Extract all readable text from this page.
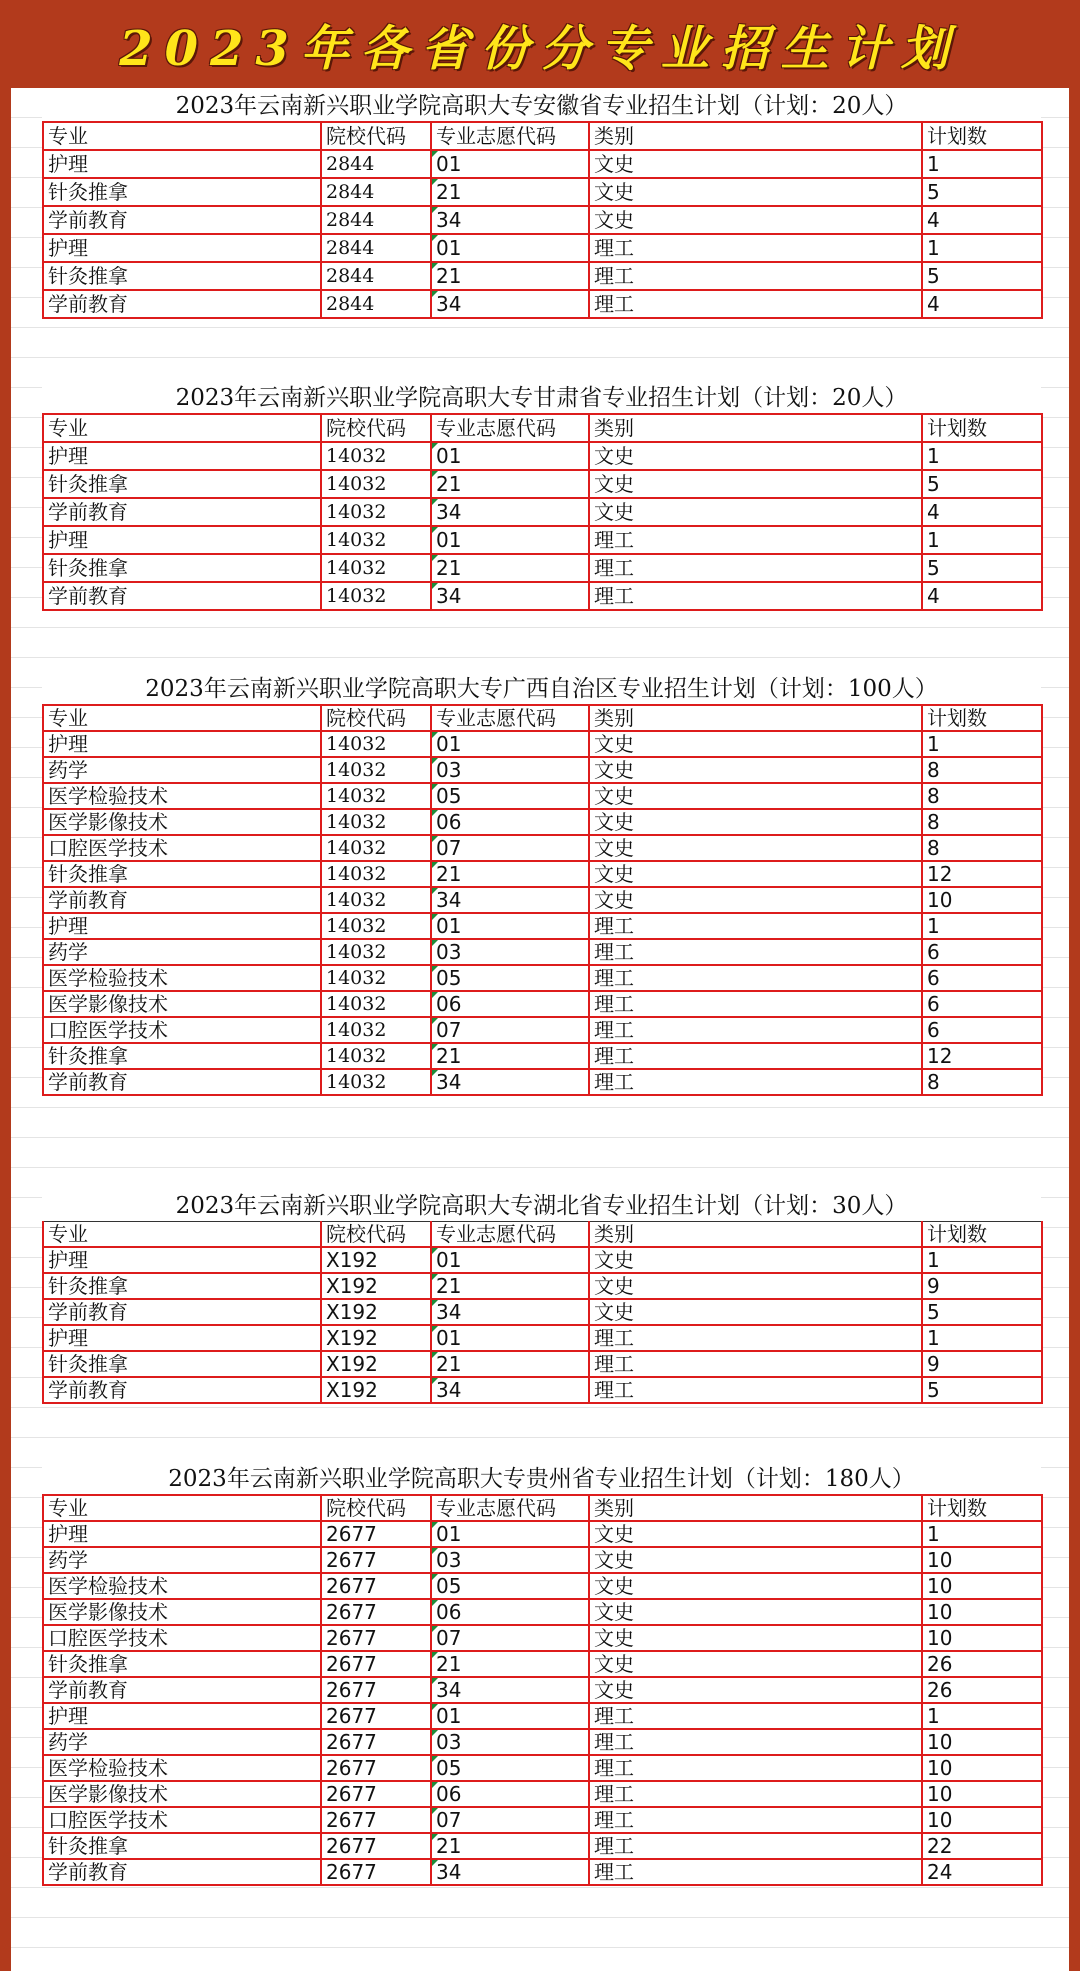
2023年各省份分专业招生计划
2023年云南新兴职业学院高职大专安徽省专业招生计划（计划：20人）
专业	院校代码	专业志愿代码	类别	计划数
护理	2844	01	文史	1
针灸推拿	2844	21	文史	5
学前教育	2844	34	文史	4
护理	2844	01	理工	1
针灸推拿	2844	21	理工	5
学前教育	2844	34	理工	4
2023年云南新兴职业学院高职大专甘肃省专业招生计划（计划：20人）
专业	院校代码	专业志愿代码	类别	计划数
护理	14032	01	文史	1
针灸推拿	14032	21	文史	5
学前教育	14032	34	文史	4
护理	14032	01	理工	1
针灸推拿	14032	21	理工	5
学前教育	14032	34	理工	4
2023年云南新兴职业学院高职大专广西自治区专业招生计划（计划：100人）
专业	院校代码	专业志愿代码	类别	计划数
护理	14032	01	文史	1
药学	14032	03	文史	8
医学检验技术	14032	05	文史	8
医学影像技术	14032	06	文史	8
口腔医学技术	14032	07	文史	8
针灸推拿	14032	21	文史	12
学前教育	14032	34	文史	10
护理	14032	01	理工	1
药学	14032	03	理工	6
医学检验技术	14032	05	理工	6
医学影像技术	14032	06	理工	6
口腔医学技术	14032	07	理工	6
针灸推拿	14032	21	理工	12
学前教育	14032	34	理工	8
2023年云南新兴职业学院高职大专湖北省专业招生计划（计划：30人）
专业	院校代码	专业志愿代码	类别	计划数
护理	X192	01	文史	1
针灸推拿	X192	21	文史	9
学前教育	X192	34	文史	5
护理	X192	01	理工	1
针灸推拿	X192	21	理工	9
学前教育	X192	34	理工	5
2023年云南新兴职业学院高职大专贵州省专业招生计划（计划：180人）
专业	院校代码	专业志愿代码	类别	计划数
护理	2677	01	文史	1
药学	2677	03	文史	10
医学检验技术	2677	05	文史	10
医学影像技术	2677	06	文史	10
口腔医学技术	2677	07	文史	10
针灸推拿	2677	21	文史	26
学前教育	2677	34	文史	26
护理	2677	01	理工	1
药学	2677	03	理工	10
医学检验技术	2677	05	理工	10
医学影像技术	2677	06	理工	10
口腔医学技术	2677	07	理工	10
针灸推拿	2677	21	理工	22
学前教育	2677	34	理工	24
